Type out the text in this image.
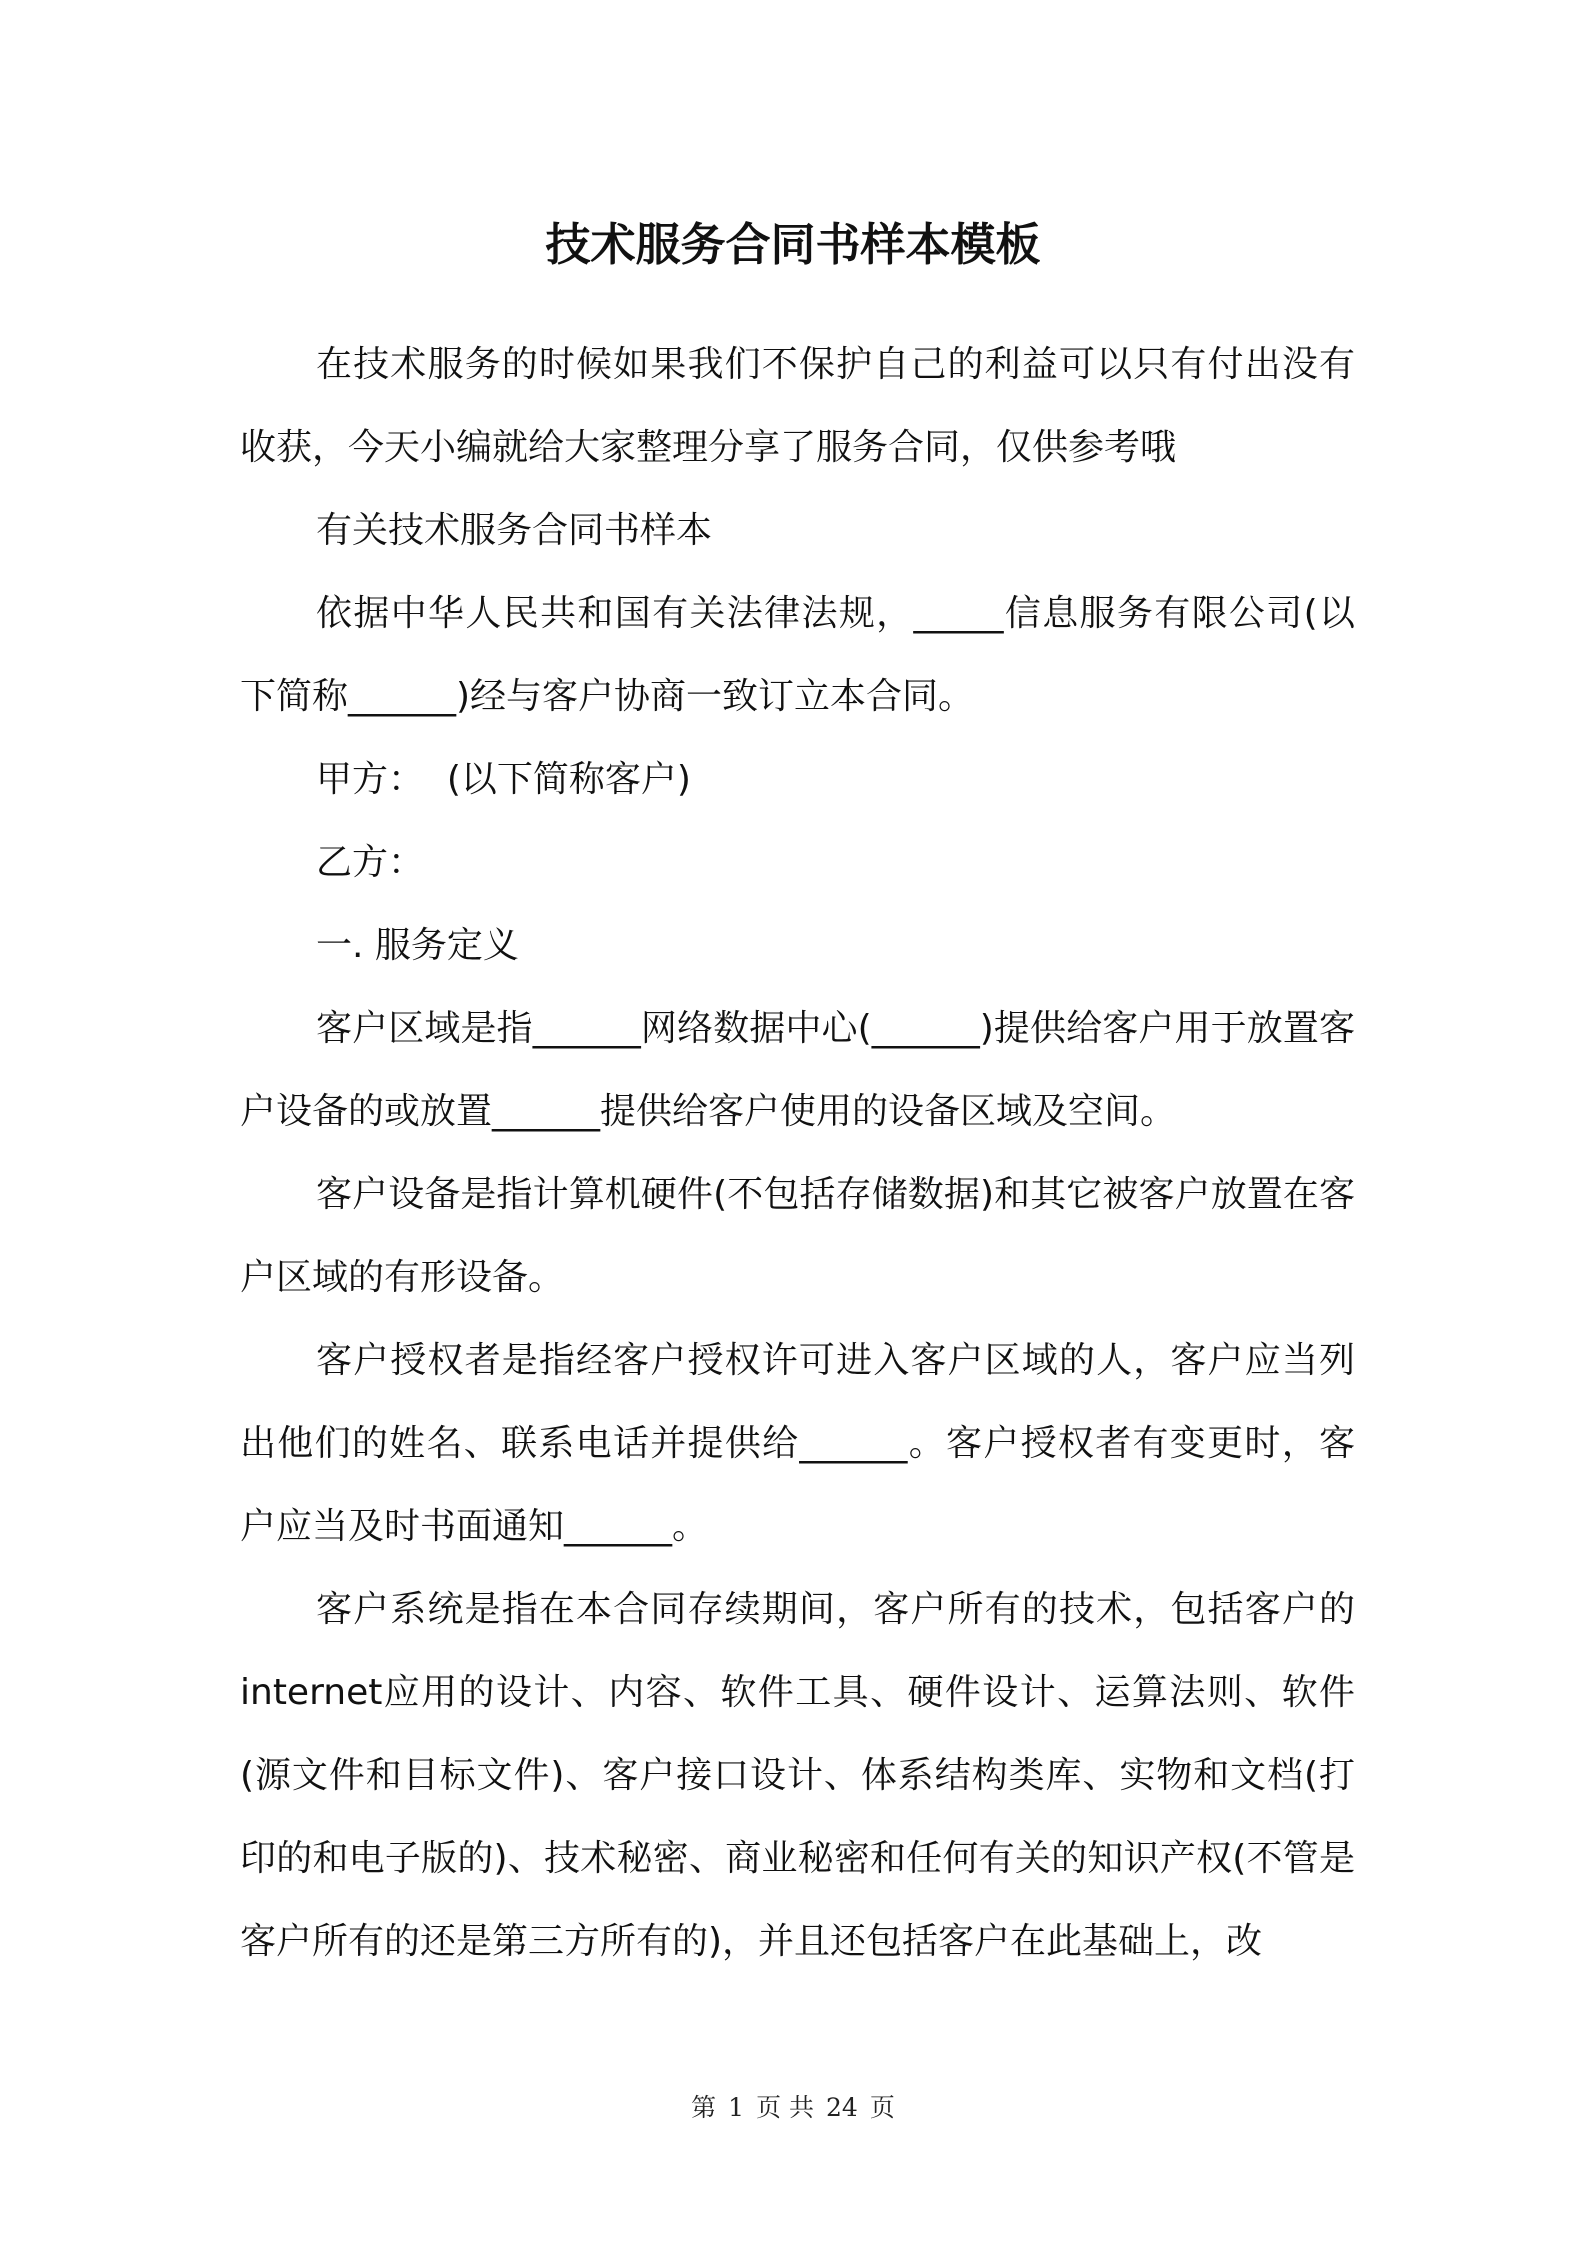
技术服务合同书样本模板

在技术服务的时候如果我们不保护自己的利益可以只有付出没有收获，今天小编就给大家整理分享了服务合同，仅供参考哦

有关技术服务合同书样本

依据中华人民共和国有关法律法规，_____信息服务有限公司(以下简称______)经与客户协商一致订立本合同。

甲方：  (以下简称客户)

乙方：

一. 服务定义

客户区域是指______网络数据中心(______)提供给客户用于放置客户设备的或放置______提供给客户使用的设备区域及空间。

客户设备是指计算机硬件(不包括存储数据)和其它被客户放置在客户区域的有形设备。

客户授权者是指经客户授权许可进入客户区域的人，客户应当列出他们的姓名、联系电话并提供给______。客户授权者有变更时，客户应当及时书面通知______。

客户系统是指在本合同存续期间，客户所有的技术，包括客户的internet应用的设计、内容、软件工具、硬件设计、运算法则、软件(源文件和目标文件)、客户接口设计、体系结构类库、实物和文档(打印的和电子版的)、技术秘密、商业秘密和任何有关的知识产权(不管是客户所有的还是第三方所有的)，并且还包括客户在此基础上，改

第 1 页 共 24 页
